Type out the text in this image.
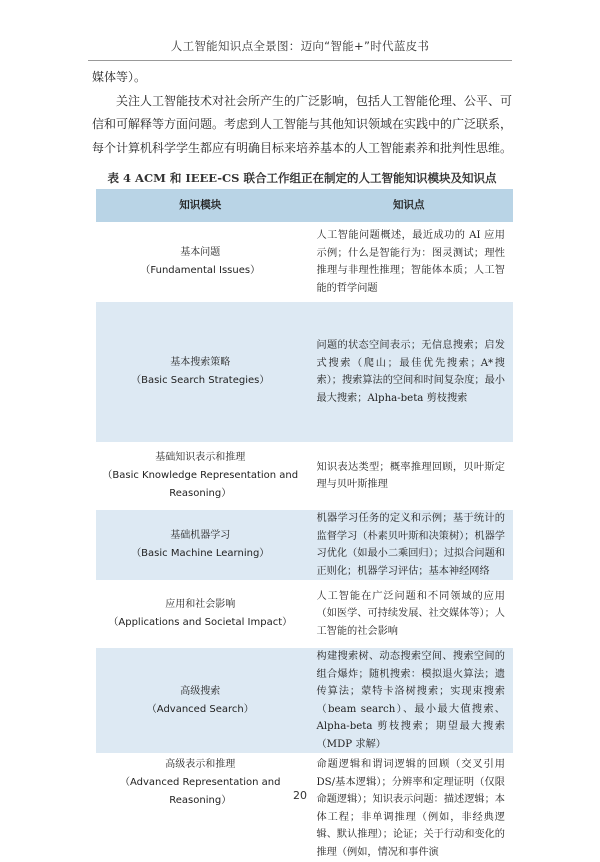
人工智能知识点全景图：迈向“智能+”时代蓝皮书

媒体等）。

关注人工智能技术对社会所产生的广泛影响，包括人工智能伦理、公平、可信和可解释等方面问题。考虑到人工智能与其他知识领域在实践中的广泛联系，每个计算机科学学生都应有明确目标来培养基本的人工智能素养和批判性思维。

表 4 ACM 和 IEEE-CS 联合工作组正在制定的人工智能知识模块及知识点
知识模块	知识点
基本问题
（Fundamental Issues）	人工智能问题概述，最近成功的 AI 应用示例；什么是智能行为：图灵测试；理性推理与非理性推理；智能体本质；人工智能的哲学问题
基本搜索策略
（Basic Search Strategies）	问题的状态空间表示；无信息搜索；启发式搜索（爬山；最佳优先搜索；A*搜索）；搜索算法的空间和时间复杂度；最小最大搜索；Alpha-beta 剪枝搜索
基础知识表示和推理
（Basic Knowledge Representation and Reasoning）	知识表达类型；概率推理回顾，贝叶斯定理与贝叶斯推理
基础机器学习
（Basic Machine Learning）	机器学习任务的定义和示例；基于统计的监督学习（朴素贝叶斯和决策树）；机器学习优化（如最小二乘回归）；过拟合问题和正则化；机器学习评估；基本神经网络
应用和社会影响
（Applications and Societal Impact）	人工智能在广泛问题和不同领域的应用（如医学、可持续发展、社交媒体等）；人工智能的社会影响
高级搜索
（Advanced Search）	构建搜索树、动态搜索空间、搜索空间的组合爆炸；随机搜索：模拟退火算法；遗传算法；蒙特卡洛树搜索；实现束搜索（beam search）、最小最大值搜索、Alpha-beta 剪枝搜索；期望最大搜索（MDP 求解）
高级表示和推理
（Advanced Representation and Reasoning）	命题逻辑和谓词逻辑的回顾（交叉引用 DS/基本逻辑）；分辨率和定理证明（仅限命题逻辑）；知识表示问题：描述逻辑；本体工程；非单调推理（例如，非经典逻辑、默认推理）；论证；关于行动和变化的推理（例如，情况和事件演
20
